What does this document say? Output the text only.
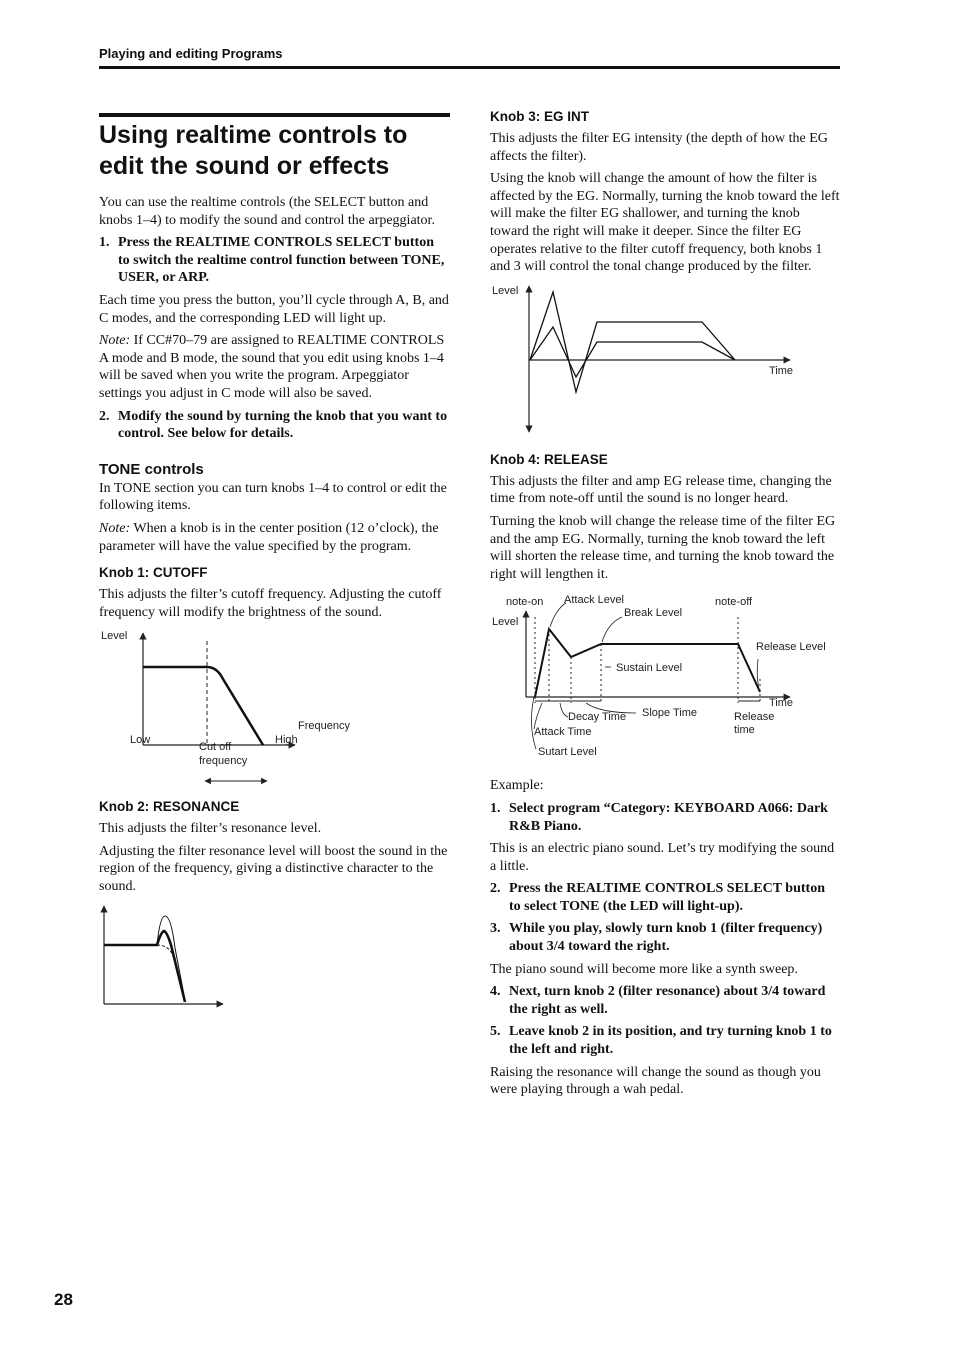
Playing and editing Programs
Using realtime controls to edit the sound or effects

You can use the realtime controls (the SELECT button and knobs 1–4) to modify the sound and control the arpeggiator.

1. Press the REALTIME CONTROLS SELECT button to switch the realtime control function between TONE, USER, or ARP.

Each time you press the button, you’ll cycle through A, B, and C modes, and the corresponding LED will light up.

Note: If CC#70–79 are assigned to REALTIME CONTROLS A mode and B mode, the sound that you edit using knobs 1–4 will be saved when you write the program. Arpeggiator settings you adjust in C mode will also be saved.

2. Modify the sound by turning the knob that you want to control. See below for details.
TONE controls

In TONE section you can turn knobs 1–4 to control or edit the following items.

Note: When a knob is in the center position (12 o’clock), the parameter will have the value specified by the program.

Knob 1: CUTOFF

This adjusts the filter’s cutoff frequency. Adjusting the cutoff frequency will modify the brightness of the sound.

Level
Low	High
Frequency
Cut off
frequency
Knob 2: RESONANCE

This adjusts the filter’s resonance level.

Adjusting the filter resonance level will boost the sound in the region of the frequency, giving a distinctive character to the sound.

Knob 3: EG INT

This adjusts the filter EG intensity (the depth of how the EG affects the filter).

Using the knob will change the amount of how the filter is affected by the EG. Normally, turning the knob toward the left will make the filter EG shallower, and turning the knob toward the right will make it deeper. Since the filter EG operates relative to the filter cutoff frequency, both knobs 1 and 3 will control the tonal change produced by the filter.

Level
Time
Knob 4: RELEASE

This adjusts the filter and amp EG release time, changing the time from note-off until the sound is no longer heard.

Turning the knob will change the release time of the filter EG and the amp EG. Normally, turning the knob toward the left will shorten the release time, and turning the knob toward the right will lengthen it.

note-on Attack Level	note-off
Break Level
Level
Release Level
Sustain Level
Time
Decay Time Slope Time	Release
time
Attack Time
Sutart Level

Example:

1. Select program “Category: KEYBOARD A066: Dark R&B Piano.

This is an electric piano sound. Let’s try modifying the sound a little.

2. Press the REALTIME CONTROLS SELECT button to select TONE (the LED will light-up).
3. While you play, slowly turn knob 1 (filter frequency) about 3/4 toward the right.

The piano sound will become more like a synth sweep.

4. Next, turn knob 2 (filter resonance) about 3/4 toward the right as well.
5. Leave knob 2 in its position, and try turning knob 1 to the left and right.

Raising the resonance will change the sound as though you were playing through a wah pedal.

28
